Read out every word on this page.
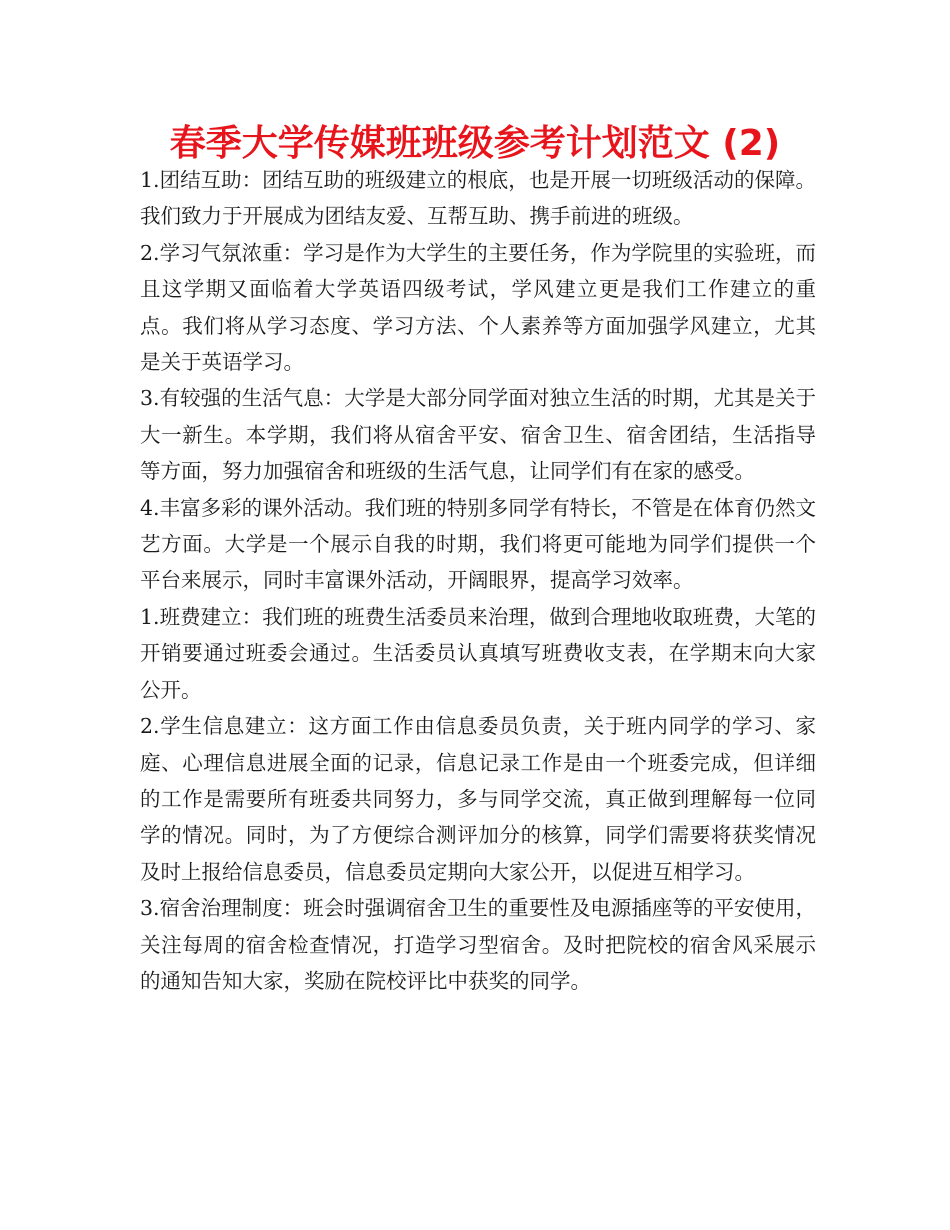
春季大学传媒班班级参考计划范文 (2)

1.团结互助：团结互助的班级建立的根底，也是开展一切班级活动的保障。我们致力于开展成为团结友爱、互帮互助、携手前进的班级。

2.学习气氛浓重：学习是作为大学生的主要任务，作为学院里的实验班，而且这学期又面临着大学英语四级考试，学风建立更是我们工作建立的重点。我们将从学习态度、学习方法、个人素养等方面加强学风建立，尤其是关于英语学习。

3.有较强的生活气息：大学是大部分同学面对独立生活的时期，尤其是关于大一新生。本学期，我们将从宿舍平安、宿舍卫生、宿舍团结，生活指导等方面，努力加强宿舍和班级的生活气息，让同学们有在家的感受。

4.丰富多彩的课外活动。我们班的特别多同学有特长，不管是在体育仍然文艺方面。大学是一个展示自我的时期，我们将更可能地为同学们提供一个平台来展示，同时丰富课外活动，开阔眼界，提高学习效率。

1.班费建立：我们班的班费生活委员来治理，做到合理地收取班费，大笔的开销要通过班委会通过。生活委员认真填写班费收支表，在学期末向大家公开。

2.学生信息建立：这方面工作由信息委员负责，关于班内同学的学习、家庭、心理信息进展全面的记录，信息记录工作是由一个班委完成，但详细的工作是需要所有班委共同努力，多与同学交流，真正做到理解每一位同学的情况。同时，为了方便综合测评加分的核算，同学们需要将获奖情况及时上报给信息委员，信息委员定期向大家公开，以促进互相学习。

3.宿舍治理制度：班会时强调宿舍卫生的重要性及电源插座等的平安使用，关注每周的宿舍检查情况，打造学习型宿舍。及时把院校的宿舍风采展示的通知告知大家，奖励在院校评比中获奖的同学。
